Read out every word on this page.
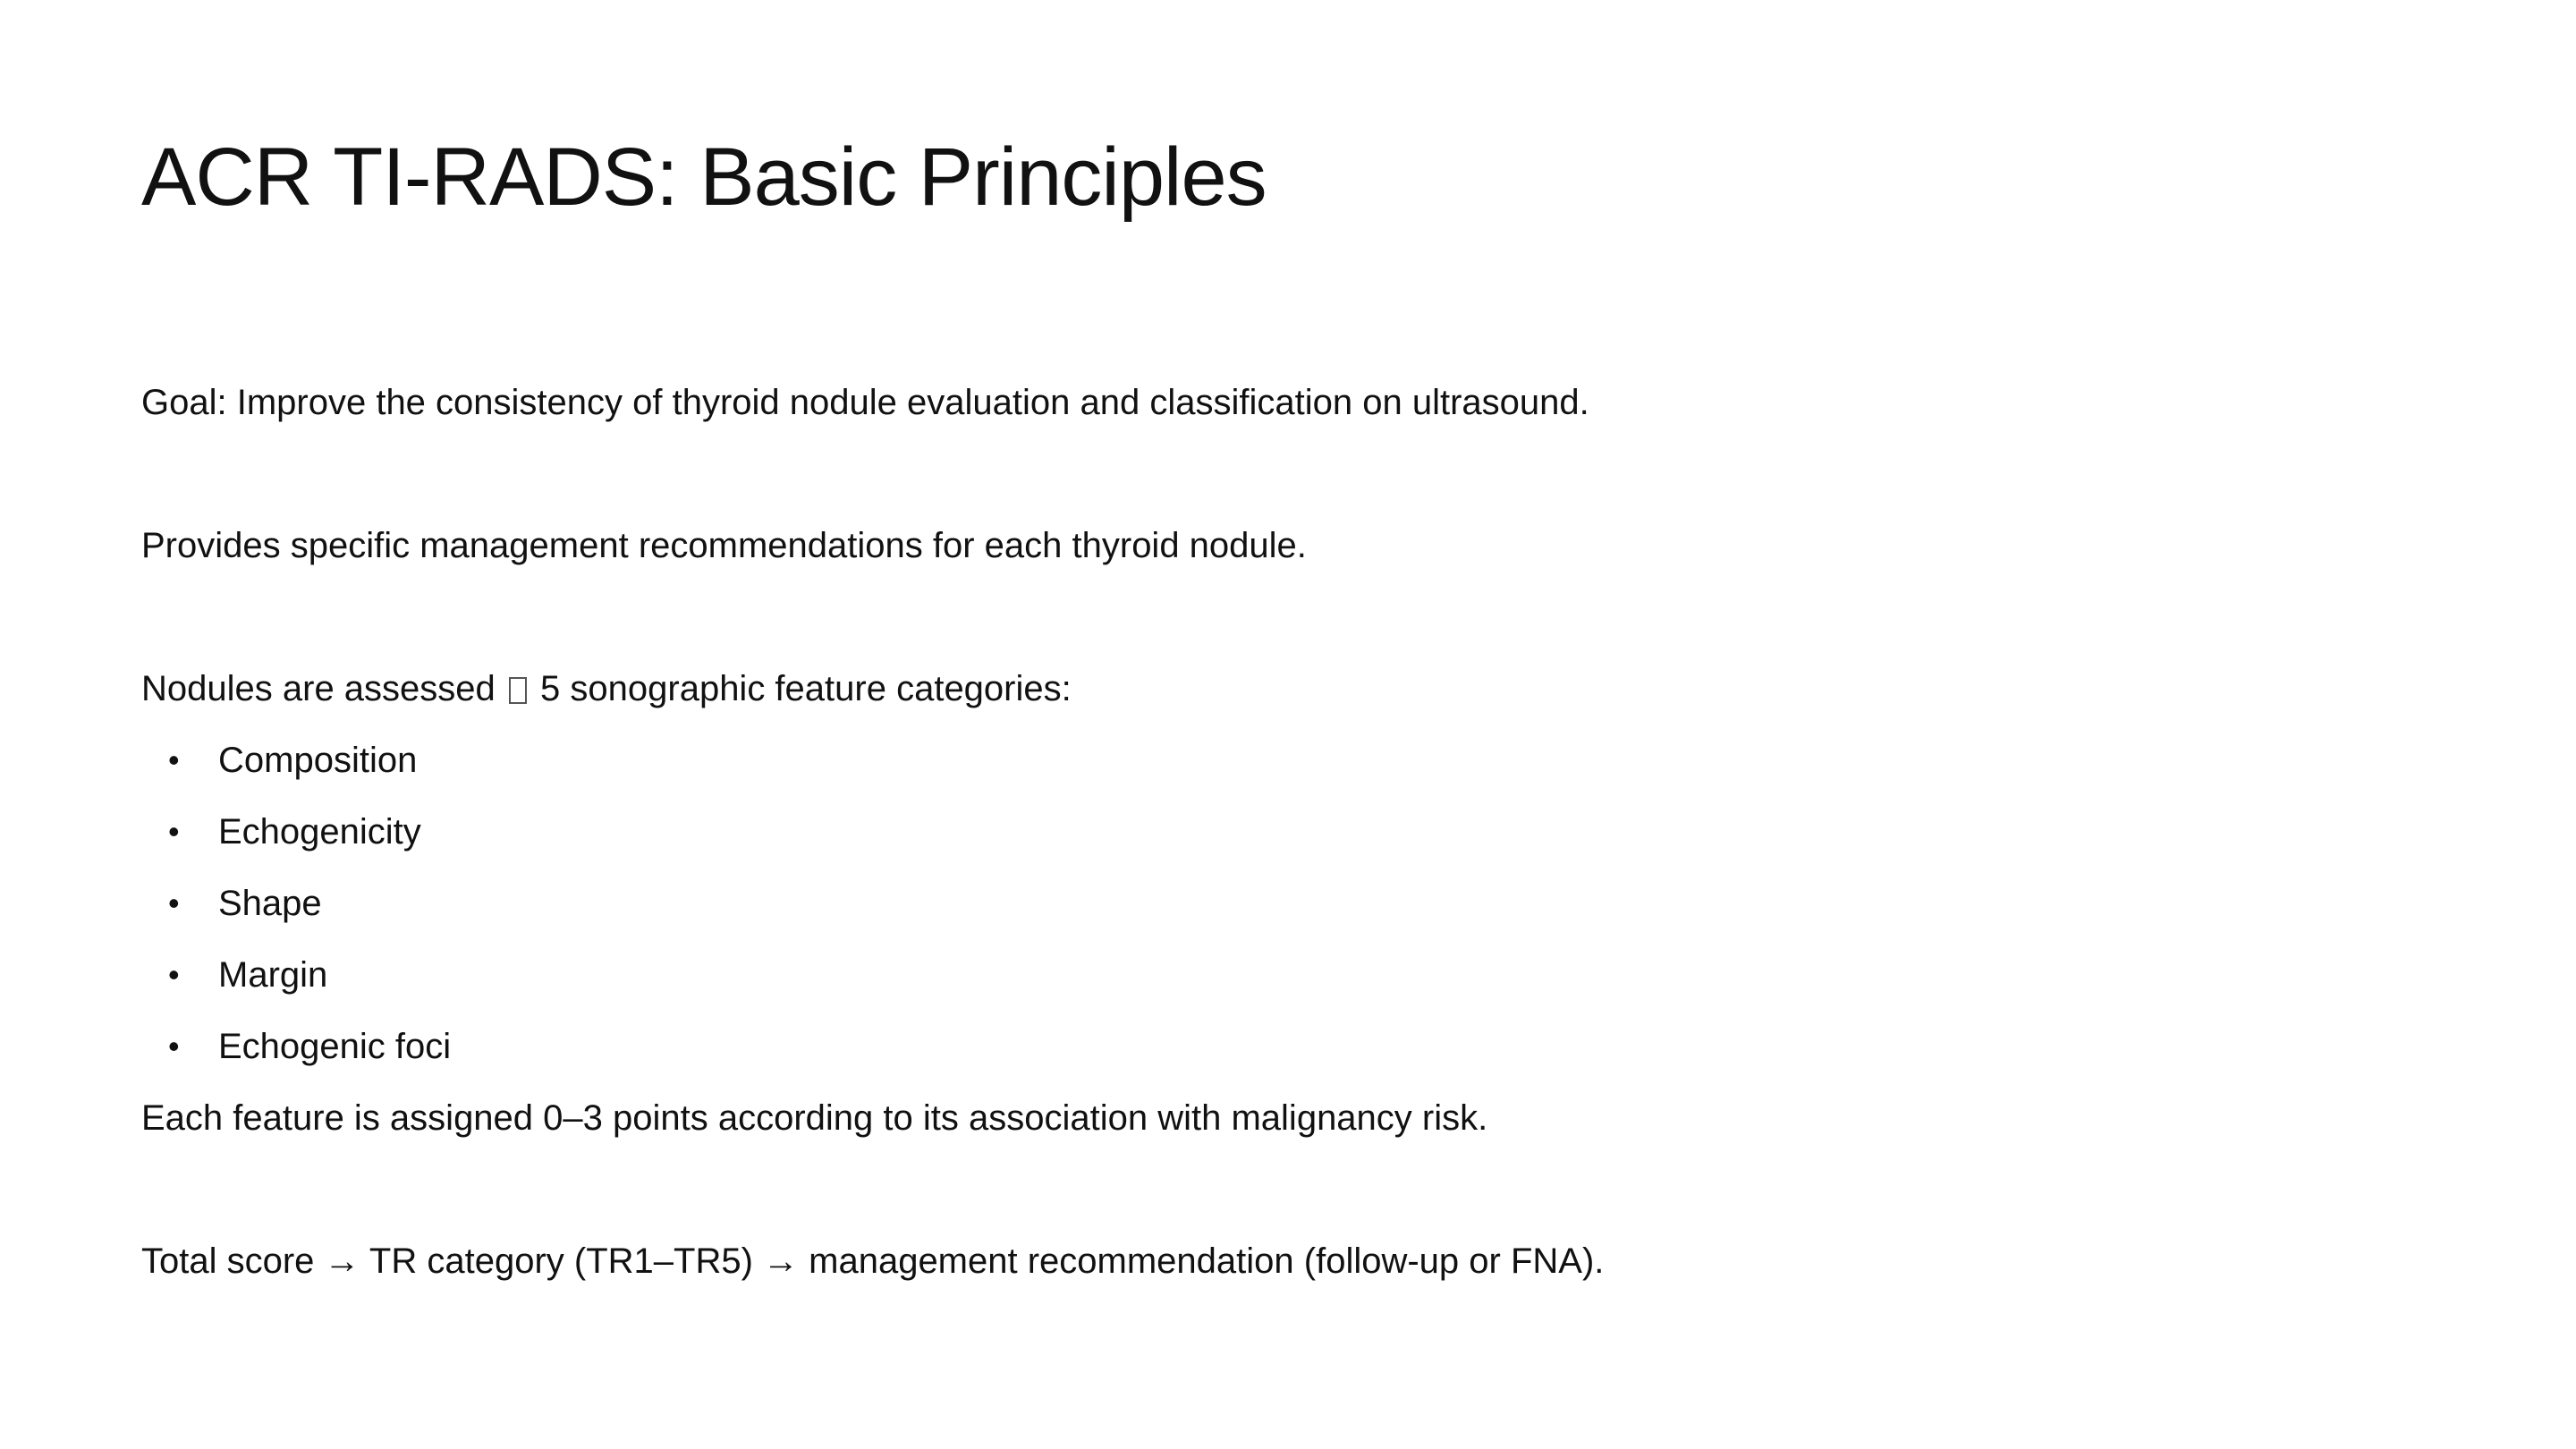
ACR TI-RADS: Basic Principles

Goal: Improve the consistency of thyroid nodule evaluation and classification on ultrasound.

Provides specific management recommendations for each thyroid nodule.

Nodules are assessed 5 sonographic feature categories:

•	Composition
•	Echogenicity
•	Shape
•	Margin
•	Echogenic foci

Each feature is assigned 0–3 points according to its association with malignancy risk.

Total score → TR category (TR1–TR5) → management recommendation (follow-up or FNA).
